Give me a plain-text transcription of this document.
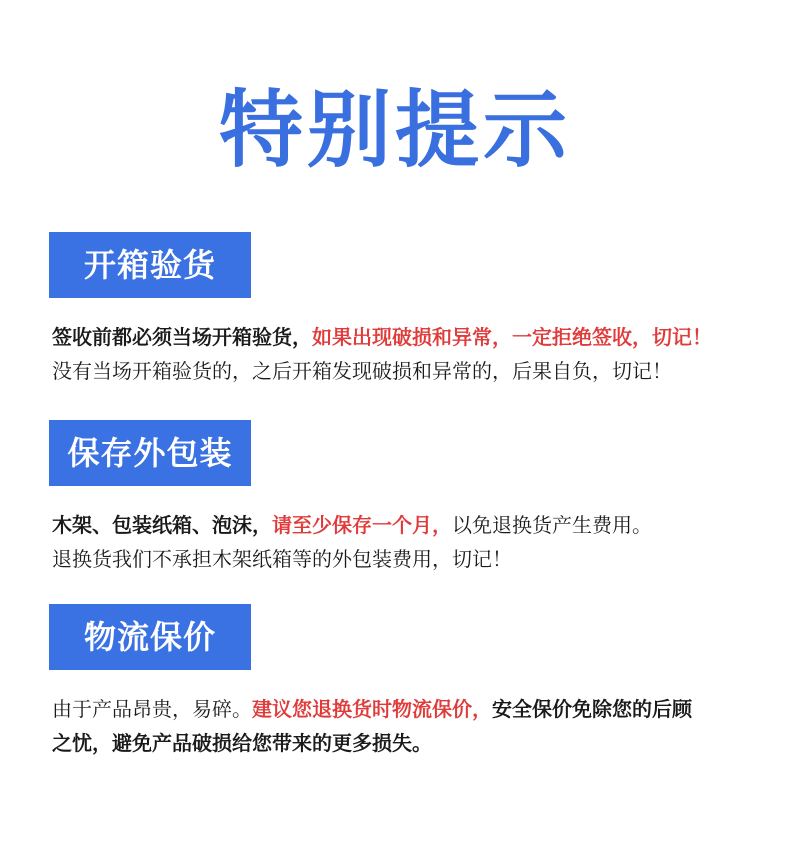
特别提示
开箱验货
签收前都必须当场开箱验货，如果出现破损和异常，一定拒绝签收，切记！
没有当场开箱验货的，之后开箱发现破损和异常的，后果自负，切记！
保存外包装
木架、包装纸箱、泡沫，请至少保存一个月，以免退换货产生费用。
退换货我们不承担木架纸箱等的外包装费用，切记！
物流保价
由于产品昂贵，易碎。建议您退换货时物流保价，安全保价免除您的后顾
之忧，避免产品破损给您带来的更多损失。
